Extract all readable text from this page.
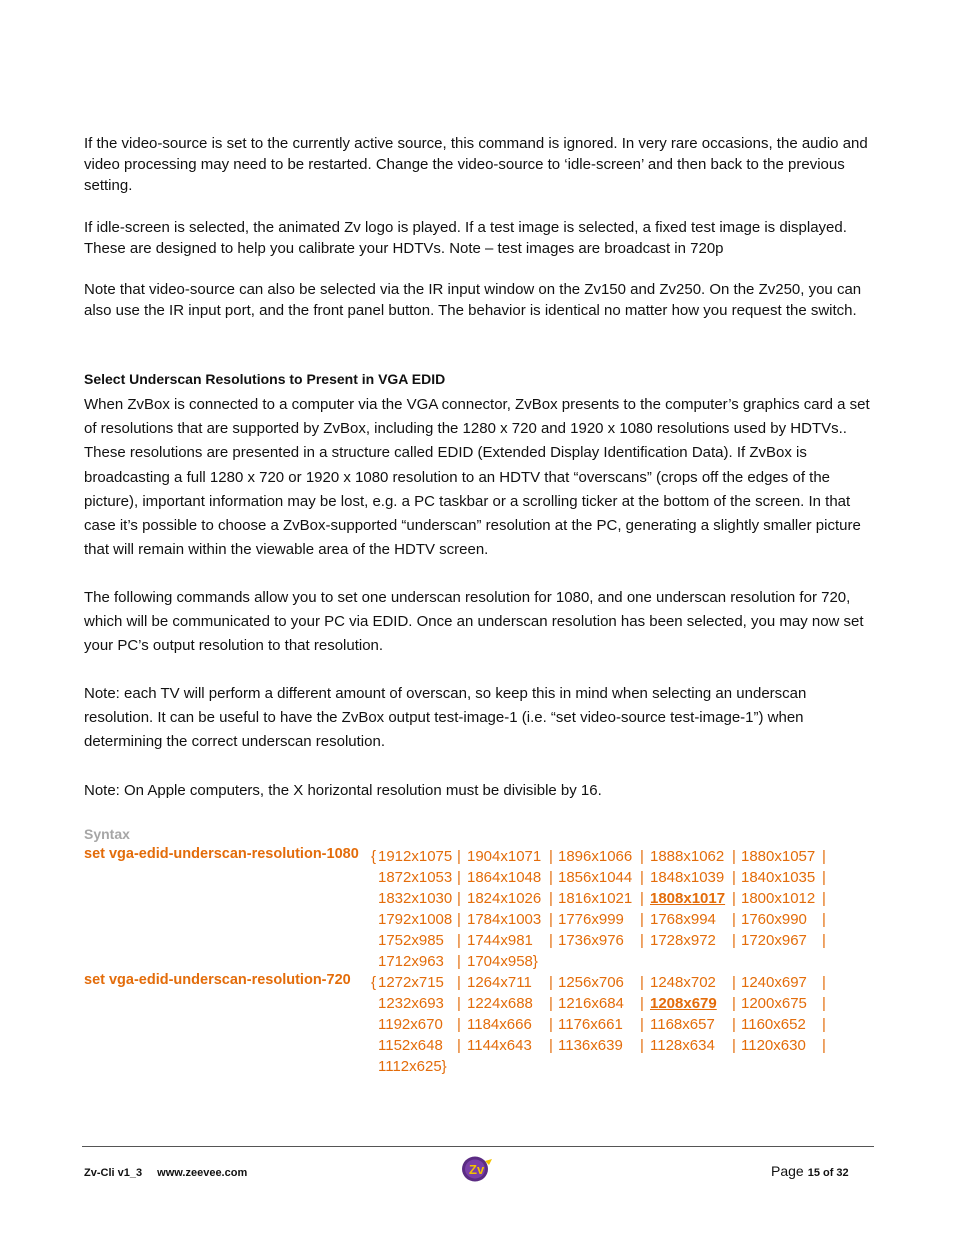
If the video-source is set to the currently active source, this command is ignored. In very rare occasions, the audio and video processing may need to be restarted. Change the video-source to ‘idle-screen’ and then back to the previous setting.

If idle-screen is selected, the animated Zv logo is played. If a test image is selected, a fixed test image is displayed. These are designed to help you calibrate your HDTVs. Note – test images are broadcast in 720p

Note that video-source can also be selected via the IR input window on the Zv150 and Zv250. On the Zv250, you can also use the IR input port, and the front panel button. The behavior is identical no matter how you request the switch.

Select Underscan Resolutions to Present in VGA EDID

When ZvBox is connected to a computer via the VGA connector, ZvBox presents to the computer’s graphics card a set of resolutions that are supported by ZvBox, including the 1280 x 720 and 1920 x 1080 resolutions used by HDTVs.. These resolutions are presented in a structure called EDID (Extended Display Identification Data). If ZvBox is broadcasting a full 1280 x 720 or 1920 x 1080 resolution to an HDTV that “overscans” (crops off the edges of the picture), important information may be lost, e.g. a PC taskbar or a scrolling ticker at the bottom of the screen. In that case it’s possible to choose a ZvBox-supported “underscan” resolution at the PC, generating a slightly smaller picture that will remain within the viewable area of the HDTV screen.

The following commands allow you to set one underscan resolution for 1080, and one underscan resolution for 720, which will be communicated to your PC via EDID. Once an underscan resolution has been selected, you may now set your PC’s output resolution to that resolution.

Note: each TV will perform a different amount of overscan, so keep this in mind when selecting an underscan resolution. It can be useful to have the ZvBox output test-image-1 (i.e. “set video-source test-image-1”) when determining the correct underscan resolution.

Note: On Apple computers, the X horizontal resolution must be divisible by 16.

Syntax
set vga-edid-underscan-resolution-1080 { 1912x1075 | 1904x1071 | 1896x1066 | 1888x1062 | 1880x1057 |
1872x1053 | 1864x1048 | 1856x1044 | 1848x1039 | 1840x1035 |
1832x1030 | 1824x1026 | 1816x1021 | 1808x1017 | 1800x1012 |
1792x1008 | 1784x1003 | 1776x999 | 1768x994 | 1760x990 |
1752x985 | 1744x981 | 1736x976 | 1728x972 | 1720x967 |
1712x963 | 1704x958}
set vga-edid-underscan-resolution-720 { 1272x715 | 1264x711 | 1256x706 | 1248x702 | 1240x697 |
1232x693 | 1224x688 | 1216x684 | 1208x679 | 1200x675 |
1192x670 | 1184x666 | 1176x661 | 1168x657 | 1160x652 |
1152x648 | 1144x643 | 1136x639 | 1128x634 | 1120x630 |
1112x625}
Zv-Cli v1_3 www.zeevee.com	Zv	Page 15 of 32
